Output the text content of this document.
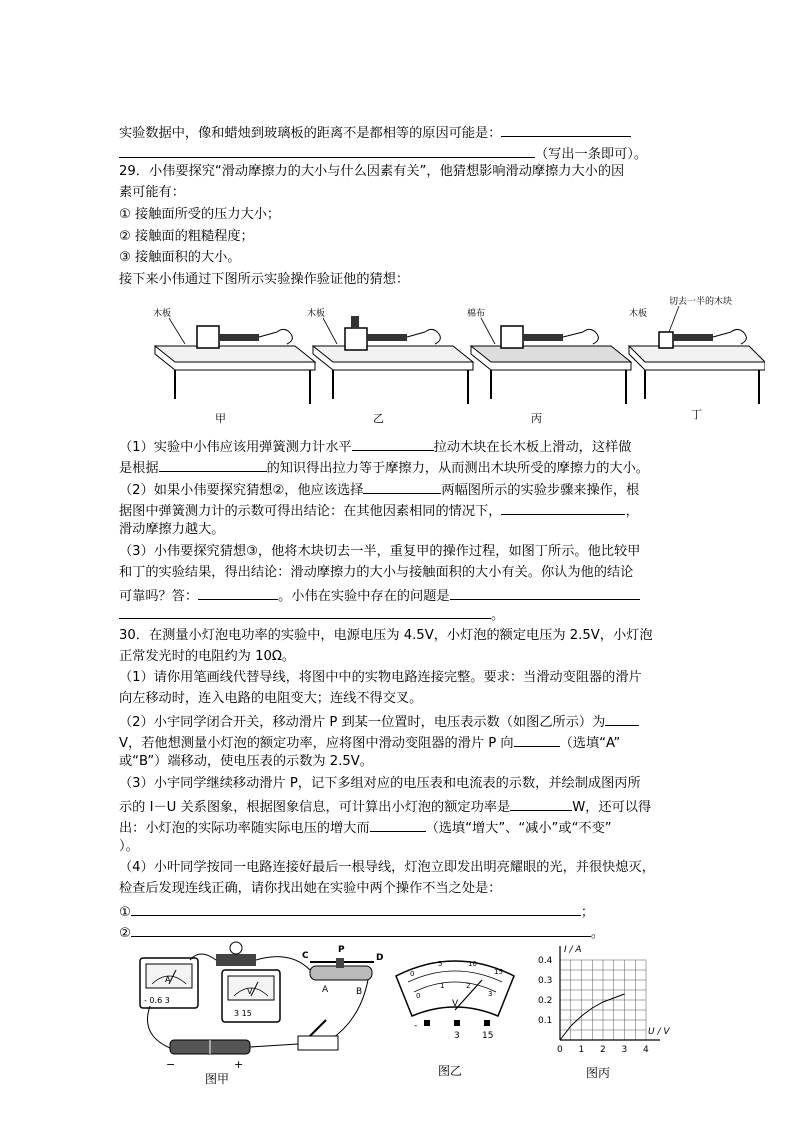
实验数据中，像和蜡烛到玻璃板的距离不是都相等的原因可能是：
（写出一条即可）。
29．小伟要探究“滑动摩擦力的大小与什么因素有关”，他猜想影响滑动摩擦力大小的因
素可能有：
① 接触面所受的压力大小；
② 接触面的粗糙程度；
③ 接触面积的大小。
接下来小伟通过下图所示实验操作验证他的猜想：
木板	木板	棉布	木板
切去一半的木块
甲	乙	丙	丁
（1）实验中小伟应该用弹簧测力计水平	拉动木块在长木板上滑动，这样做
是根据	的知识得出拉力等于摩擦力，从而测出木块所受的摩擦力的大小。
（2）如果小伟要探究猜想②，他应该选择	两幅图所示的实验步骤来操作，根
据图中弹簧测力计的示数可得出结论：在其他因素相同的情况下，	，
滑动摩擦力越大。
（3）小伟要探究猜想③，他将木块切去一半，重复甲的操作过程，如图丁所示。他比较甲
和丁的实验结果，得出结论：滑动摩擦力的大小与接触面积的大小有关。你认为他的结论
可靠吗？答：	。小伟在实验中存在的问题是
。
30．在测量小灯泡电功率的实验中，电源电压为 4.5V，小灯泡的额定电压为 2.5V，小灯泡
正常发光时的电阻约为 10Ω。
（1）请你用笔画线代替导线，将图中中的实物电路连接完整。要求：当滑动变阻器的滑片
向左移动时，连入电路的电阻变大；连线不得交叉。
（2）小宇同学闭合开关，移动滑片 P 到某一位置时，电压表示数（如图乙所示）为
V，若他想测量小灯泡的额定功率，应将图中滑动变阻器的滑片 P 向	（选填“A”
或“B”）端移动，使电压表的示数为 2.5V。
（3）小宇同学继续移动滑片 P，记下多组对应的电压表和电流表的示数，并绘制成图丙所
示的 I－U 关系图象，根据图象信息，可计算出小灯泡的额定功率是	W，还可以得
出：小灯泡的实际功率随实际电压的增大而	（选填“增大”、“减小”或“不变”
）。
（4）小叶同学按同一电路连接好最后一根导线，灯泡立即发出明亮耀眼的光，并很快熄灭，
检查后发现连线正确，请你找出她在实验中两个操作不当之处是：
①	；
②	。
A
- 0.6 3
V
3 15
C
P
D
A	B
−	+
图甲
0
5	10
15
0
1	2
3
V
-
3 15
图乙
0 1 2 3 4
0.1
0.2
0.3
0.4
I / A
U / V
图丙
